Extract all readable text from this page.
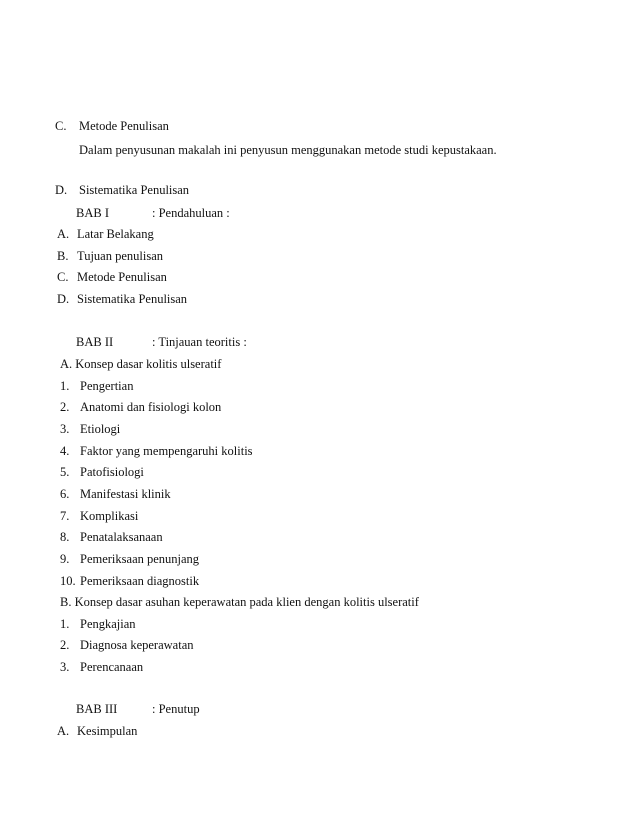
C. Metode Penulisan
Dalam penyusunan makalah ini penyusun menggunakan metode studi kepustakaan.
D. Sistematika Penulisan
BAB I	: Pendahuluan :
A. Latar Belakang
B. Tujuan penulisan
C. Metode Penulisan
D. Sistematika Penulisan
BAB II	: Tinjauan teoritis :
A. Konsep dasar kolitis ulseratif
1. Pengertian
2. Anatomi dan fisiologi kolon
3. Etiologi
4. Faktor yang mempengaruhi kolitis
5. Patofisiologi
6. Manifestasi klinik
7. Komplikasi
8. Penatalaksanaan
9. Pemeriksaan penunjang
10. Pemeriksaan diagnostik
B. Konsep dasar asuhan keperawatan pada klien dengan kolitis ulseratif
1. Pengkajian
2. Diagnosa keperawatan
3. Perencanaan
BAB III	: Penutup
A. Kesimpulan
